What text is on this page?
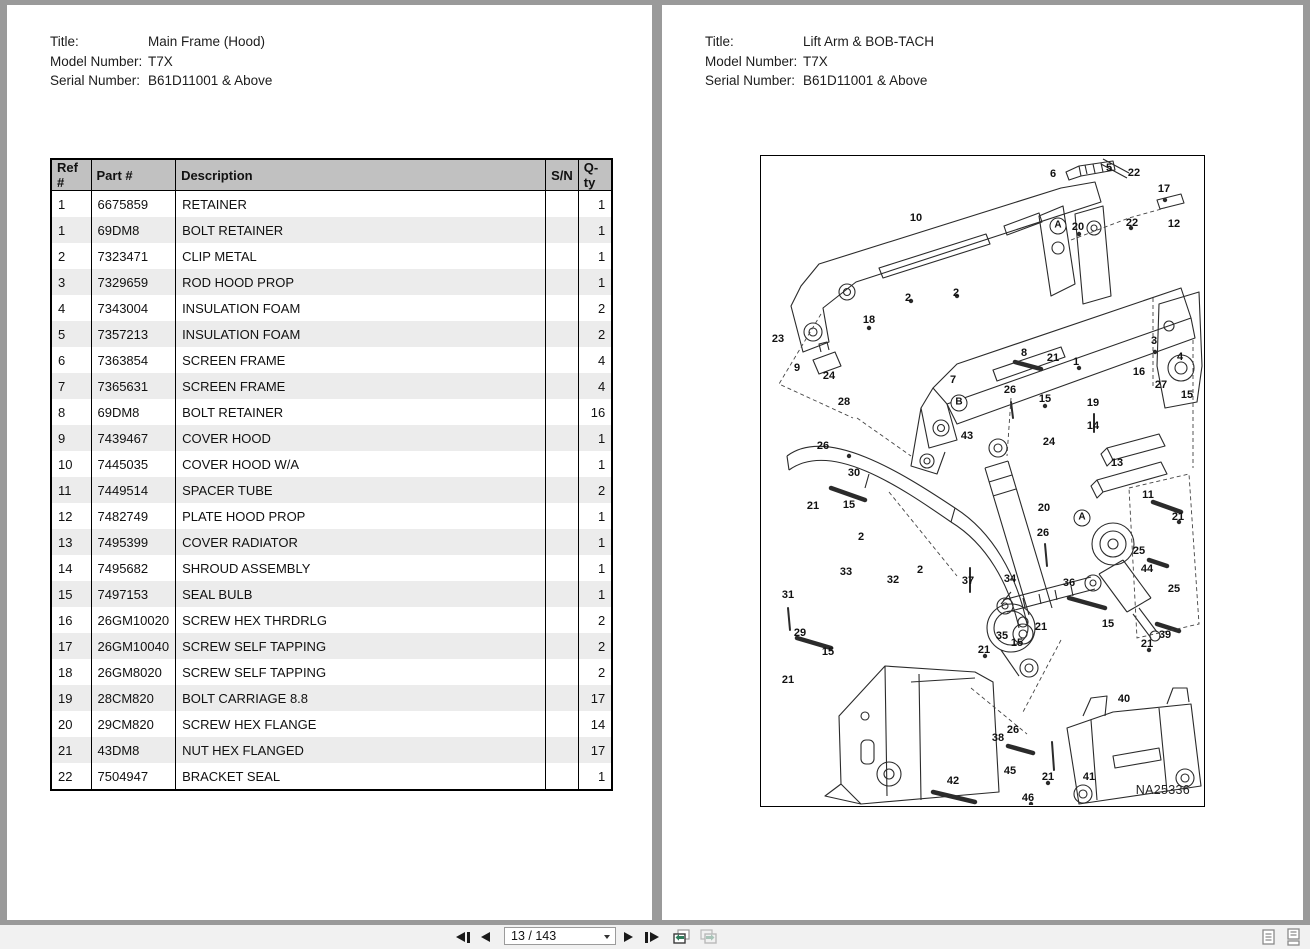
Title:	Main Frame (Hood)
Model Number: T7X
Serial Number: B61D11001 & Above
Ref #	Part #	Description	S/N	Q-ty
1	6675859	RETAINER		1
1	69DM8	BOLT RETAINER		1
2	7323471	CLIP METAL		1
3	7329659	ROD HOOD PROP		1
4	7343004	INSULATION FOAM		2
5	7357213	INSULATION FOAM		2
6	7363854	SCREEN FRAME		4
7	7365631	SCREEN FRAME		4
8	69DM8	BOLT RETAINER		16
9	7439467	COVER HOOD		1
10	7445035	COVER HOOD W/A		1
11	7449514	SPACER TUBE		2
12	7482749	PLATE HOOD PROP		1
13	7495399	COVER RADIATOR		1
14	7495682	SHROUD ASSEMBLY		1
15	7497153	SEAL BULB		1
16	26GM10020	SCREW HEX THRDRLG		2
17	26GM10040	SCREW SELF TAPPING		2
18	26GM8020	SCREW SELF TAPPING		2
19	28CM820	BOLT CARRIAGE 8.8		17
20	29CM820	SCREW HEX FLANGE		14
21	43DM8	NUT HEX FLANGED		17
22	7504947	BRACKET SEAL		1
Title:	Lift Arm & BOB-TACH
Model Number: T7X
Serial Number: B61D11001 & Above
6	5 22
17
10
20
A	22	12
2	2
18
23
9
24
3
1
16
4
27
15
8 21
26
15
7
B
28
26
30
43
19
14
24
13
21 15
2
2
33
32
31
29
15
21
37	34	36
35
15
21
21	15
11
21
25
44
25
39
21
26
20
A
40
26
38
21
42
45
46
41
NA25336
13 / 143
